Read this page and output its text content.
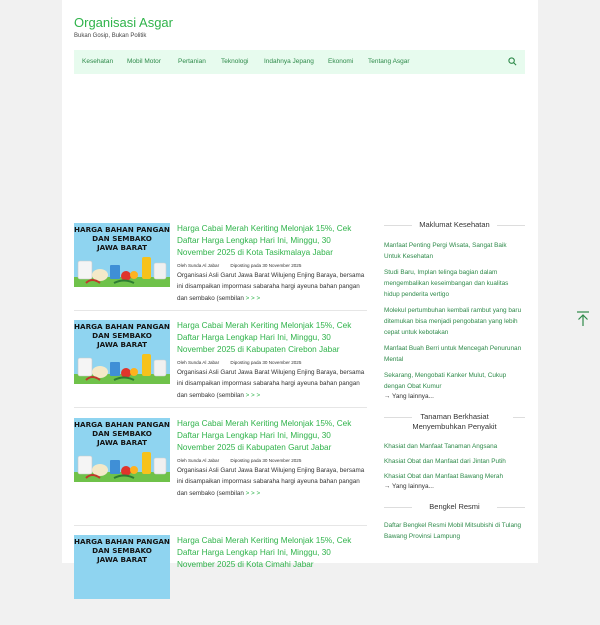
Organisasi Asgar
Bukan Gosip, Bukan Politik
Kesehatan Mobil Motor	Pertanian Teknologi Indahnya Jepang Ekonomi Tentang Asgar
HARGA BAHAN PANGAN
DAN SEMBAKO
JAWA BARAT
Harga Cabai Merah Keriting Melonjak 15%, Cek Daftar Harga Lengkap Hari Ini, Minggu, 30 November 2025 di Kota Tasikmalaya Jabar
Oleh Sunda Al Jabar Diposting pada 30 November 2025
Organisasi Asli Garut Jawa Barat Wilujeng Enjing Baraya, bersama ini disampaikan imporması sabaraha hargi ayeuna bahan pangan dan sembako (sembilan > > >
HARGA BAHAN PANGAN
DAN SEMBAKO
JAWA BARAT
Harga Cabai Merah Keriting Melonjak 15%, Cek Daftar Harga Lengkap Hari Ini, Minggu, 30 November 2025 di Kabupaten Cirebon Jabar
Oleh Sunda Al Jabar Diposting pada 30 November 2025
Organisasi Asli Garut Jawa Barat Wilujeng Enjing Baraya, bersama ini disampaikan imporması sabaraha hargi ayeuna bahan pangan dan sembako (sembilan > > >
HARGA BAHAN PANGAN
DAN SEMBAKO
JAWA BARAT
Harga Cabai Merah Keriting Melonjak 15%, Cek Daftar Harga Lengkap Hari Ini, Minggu, 30 November 2025 di Kabupaten Garut Jabar
Oleh Sunda Al Jabar Diposting pada 30 November 2025
Organisasi Asli Garut Jawa Barat Wilujeng Enjing Baraya, bersama ini disampaikan imporması sabaraha hargi ayeuna bahan pangan dan sembako (sembilan > > >
HARGA BAHAN PANGAN
DAN SEMBAKO
JAWA BARAT
Harga Cabai Merah Keriting Melonjak 15%, Cek Daftar Harga Lengkap Hari Ini, Minggu, 30 November 2025 di Kota Cimahi Jabar
Maklumat Kesehatan
Manfaat Penting Pergi Wisata, Sangat Baik Untuk Kesehatan
Studi Baru, Implan telinga bagian dalam mengembalikan keseimbangan dan kualitas hidup penderita vertigo
Molekul pertumbuhan kembali rambut yang baru ditemukan bisa menjadi pengobatan yang lebih cepat untuk kebotakan
Manfaat Buah Berri untuk Mencegah Penurunan Mental
Sekarang, Mengobati Kanker Mulut, Cukup dengan Obat Kumur
→ Yang lainnya...
Tanaman Berkhasiat Menyembuhkan Penyakit
Khasiat dan Manfaat Tanaman Angsana
Khasiat Obat dan Manfaat dari Jintan Putih
Khasiat Obat dan Manfaat Bawang Merah
→ Yang lainnya...
Bengkel Resmi
Daftar Bengkel Resmi Mobil Mitsubishi di Tulang Bawang Provinsi Lampung
